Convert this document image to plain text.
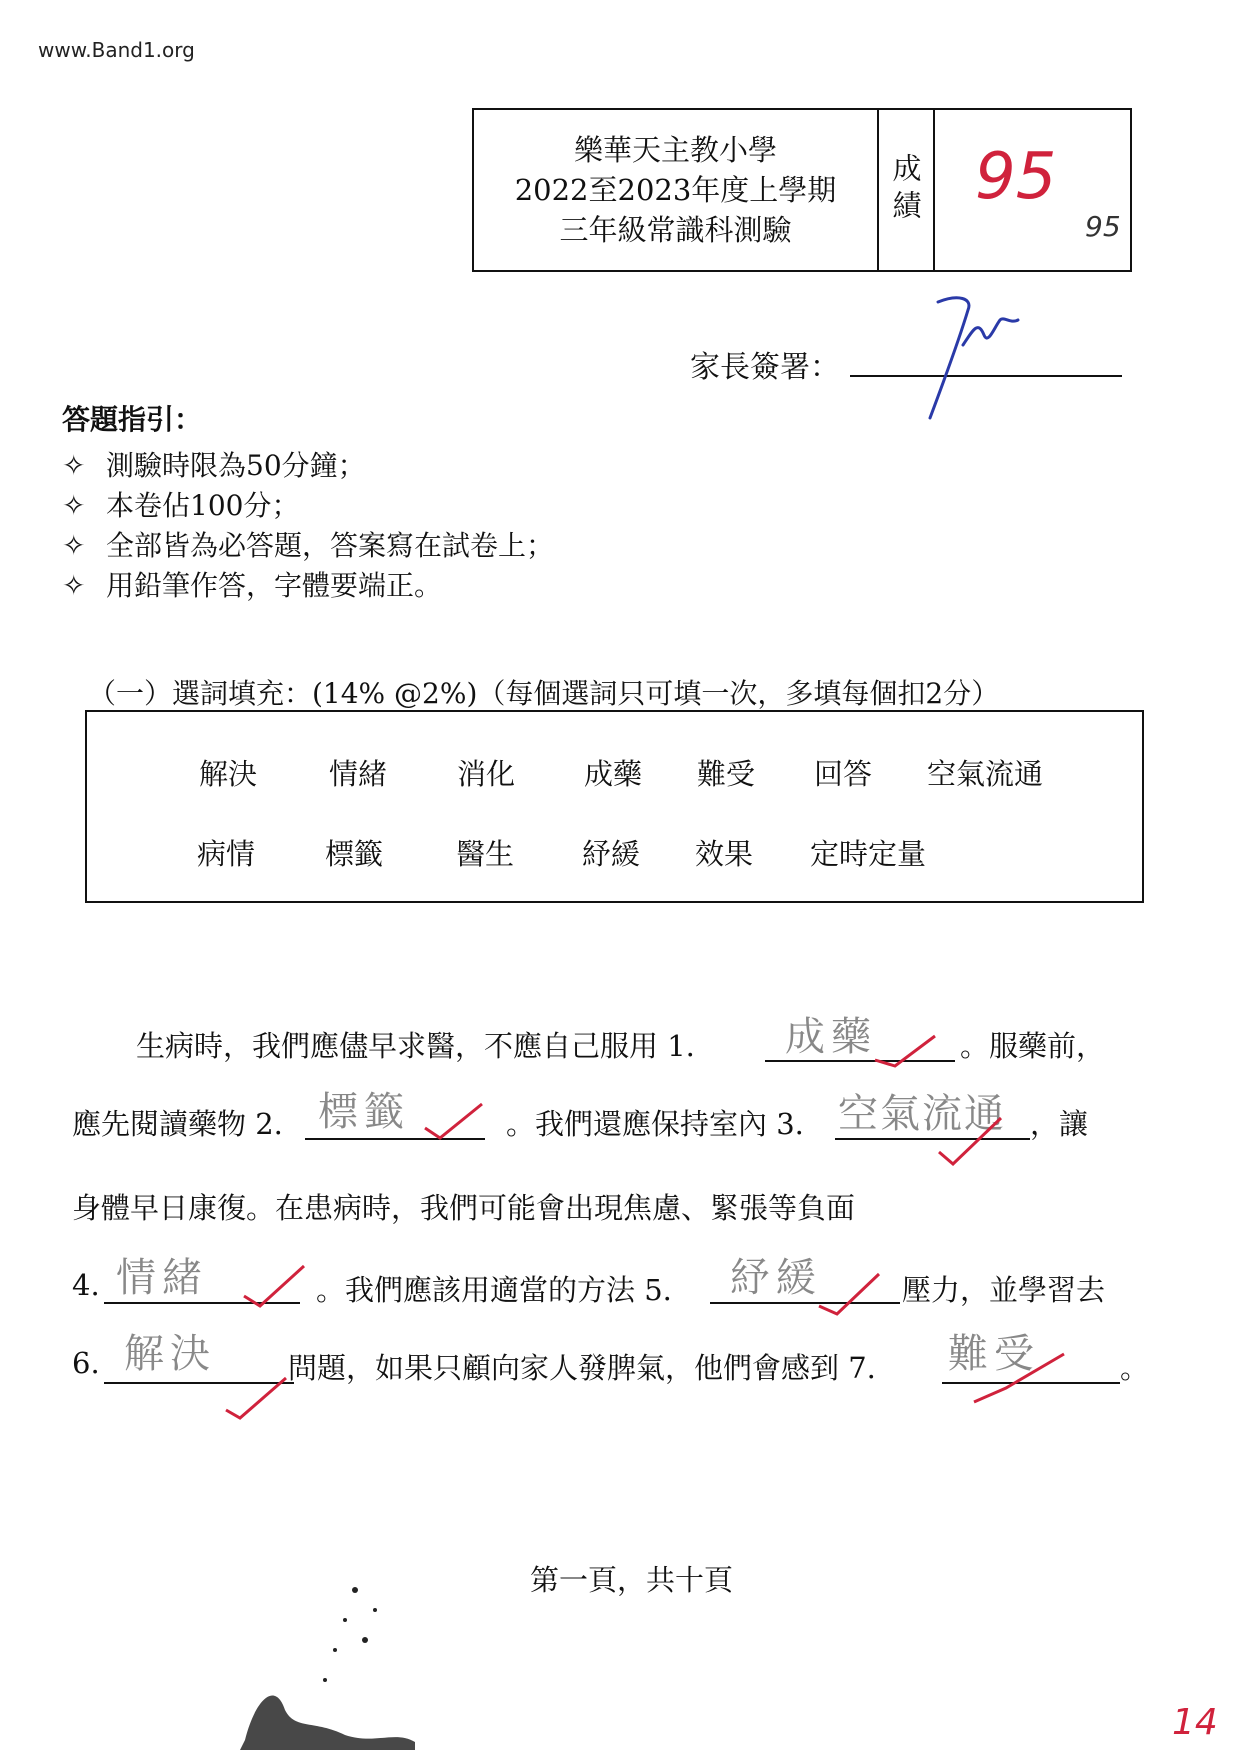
www.Band1.org
樂華天主教小學
2022至2023年度上學期
三年級常識科測驗
成績 95
95
家長簽署：
答題指引：
✧ 測驗時限為50分鐘；
✧ 本卷佔100分；
✧ 全部皆為必答題，答案寫在試卷上；
✧ 用鉛筆作答，字體要端正。
（一）選詞填充：(14% @2%)（每個選詞只可填一次，多填每個扣2分）
解決 情緒 消化 成藥 難受 回答 空氣流通
病情 標籤	醫生 紓緩 效果 定時定量
生病時，我們應儘早求醫，不應自己服用 1. 成藥	。服藥前，
應先閱讀藥物 2. 標籤	。我們還應保持室內 3. 空氣流通 ，讓
身體早日康復。在患病時，我們可能會出現焦慮、緊張等負面
4. 情緒	。我們應該用適當的方法 5. 紓緩	壓力，並學習去
6. 解決 問題，如果只顧向家人發脾氣，他們會感到 7. 難受	。
第一頁，共十頁
14
